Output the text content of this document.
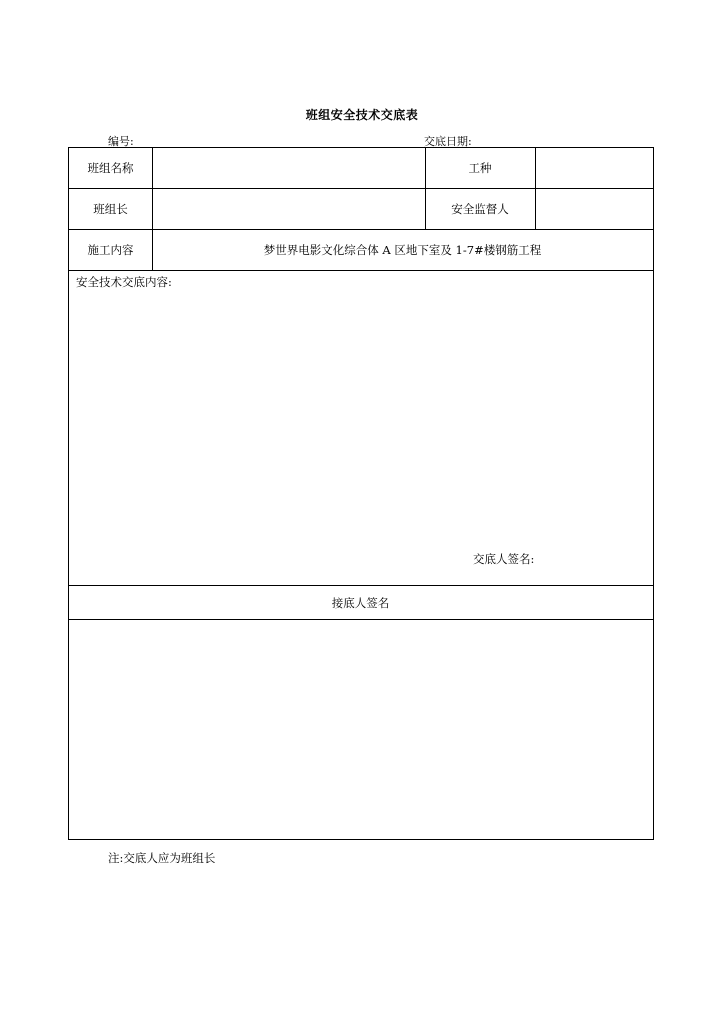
班组安全技术交底表
编号:	交底日期:
班组名称	工种
班组长	安全监督人
施工内容	梦世界电影文化综合体 A 区地下室及 1-7#楼钢筋工程
安全技术交底内容:
交底人签名:
接底人签名
注:交底人应为班组长
